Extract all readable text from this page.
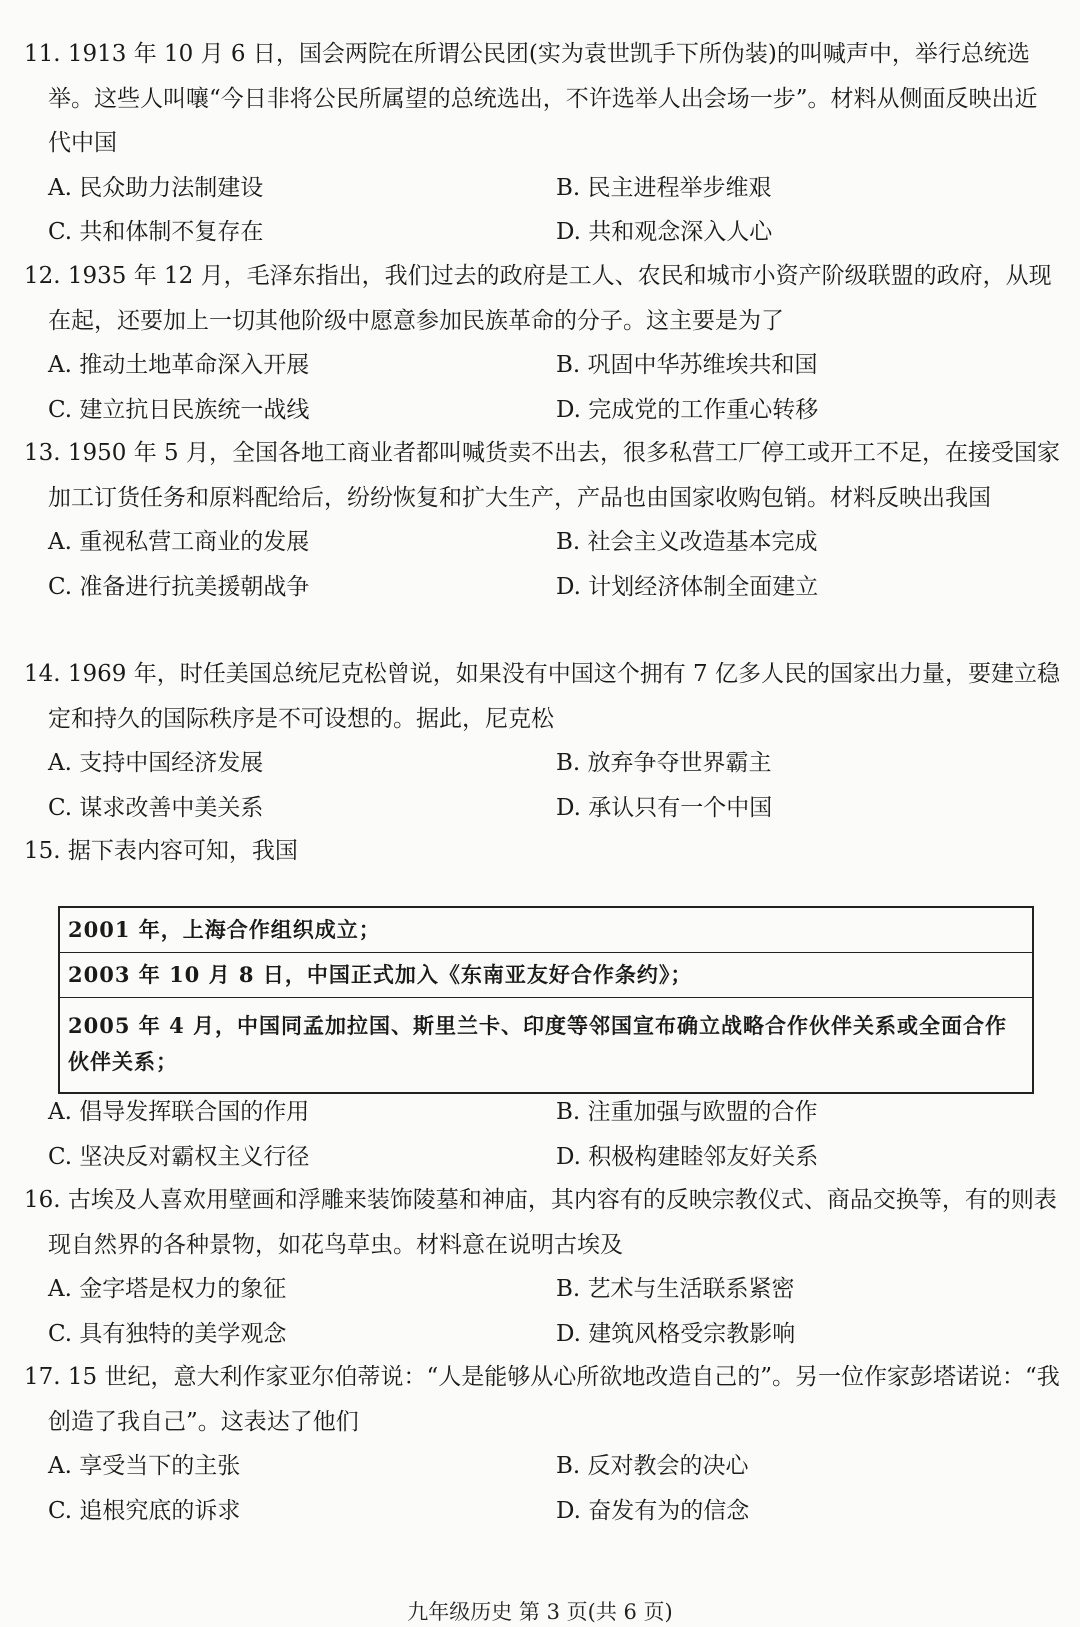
11. 1913 年 10 月 6 日，国会两院在所谓公民团(实为袁世凯手下所伪装)的叫喊声中，举行总统选举。这些人叫嚷“今日非将公民所属望的总统选出，不许选举人出会场一步”。材料从侧面反映出近代中国

A. 民众助力法制建设	B. 民主进程举步维艰
C. 共和体制不复存在	D. 共和观念深入人心

12. 1935 年 12 月，毛泽东指出，我们过去的政府是工人、农民和城市小资产阶级联盟的政府，从现在起，还要加上一切其他阶级中愿意参加民族革命的分子。这主要是为了

A. 推动土地革命深入开展	B. 巩固中华苏维埃共和国
C. 建立抗日民族统一战线	D. 完成党的工作重心转移

13. 1950 年 5 月，全国各地工商业者都叫喊货卖不出去，很多私营工厂停工或开工不足，在接受国家加工订货任务和原料配给后，纷纷恢复和扩大生产，产品也由国家收购包销。材料反映出我国

A. 重视私营工商业的发展	B. 社会主义改造基本完成
C. 准备进行抗美援朝战争	D. 计划经济体制全面建立

14. 1969 年，时任美国总统尼克松曾说，如果没有中国这个拥有 7 亿多人民的国家出力量，要建立稳定和持久的国际秩序是不可设想的。据此，尼克松

A. 支持中国经济发展	B. 放弃争夺世界霸主
C. 谋求改善中美关系	D. 承认只有一个中国

15. 据下表内容可知，我国

2001 年，上海合作组织成立；
2003 年 10 月 8 日，中国正式加入《东南亚友好合作条约》；
2005 年 4 月，中国同孟加拉国、斯里兰卡、印度等邻国宣布确立战略合作伙伴关系或全面合作伙伴关系；
A. 倡导发挥联合国的作用	B. 注重加强与欧盟的合作
C. 坚决反对霸权主义行径	D. 积极构建睦邻友好关系

16. 古埃及人喜欢用壁画和浮雕来装饰陵墓和神庙，其内容有的反映宗教仪式、商品交换等，有的则表现自然界的各种景物，如花鸟草虫。材料意在说明古埃及

A. 金字塔是权力的象征	B. 艺术与生活联系紧密
C. 具有独特的美学观念	D. 建筑风格受宗教影响

17. 15 世纪，意大利作家亚尔伯蒂说：“人是能够从心所欲地改造自己的”。另一位作家彭塔诺说：“我创造了我自己”。这表达了他们

A. 享受当下的主张	B. 反对教会的决心
C. 追根究底的诉求	D. 奋发有为的信念
九年级历史 第 3 页(共 6 页)
